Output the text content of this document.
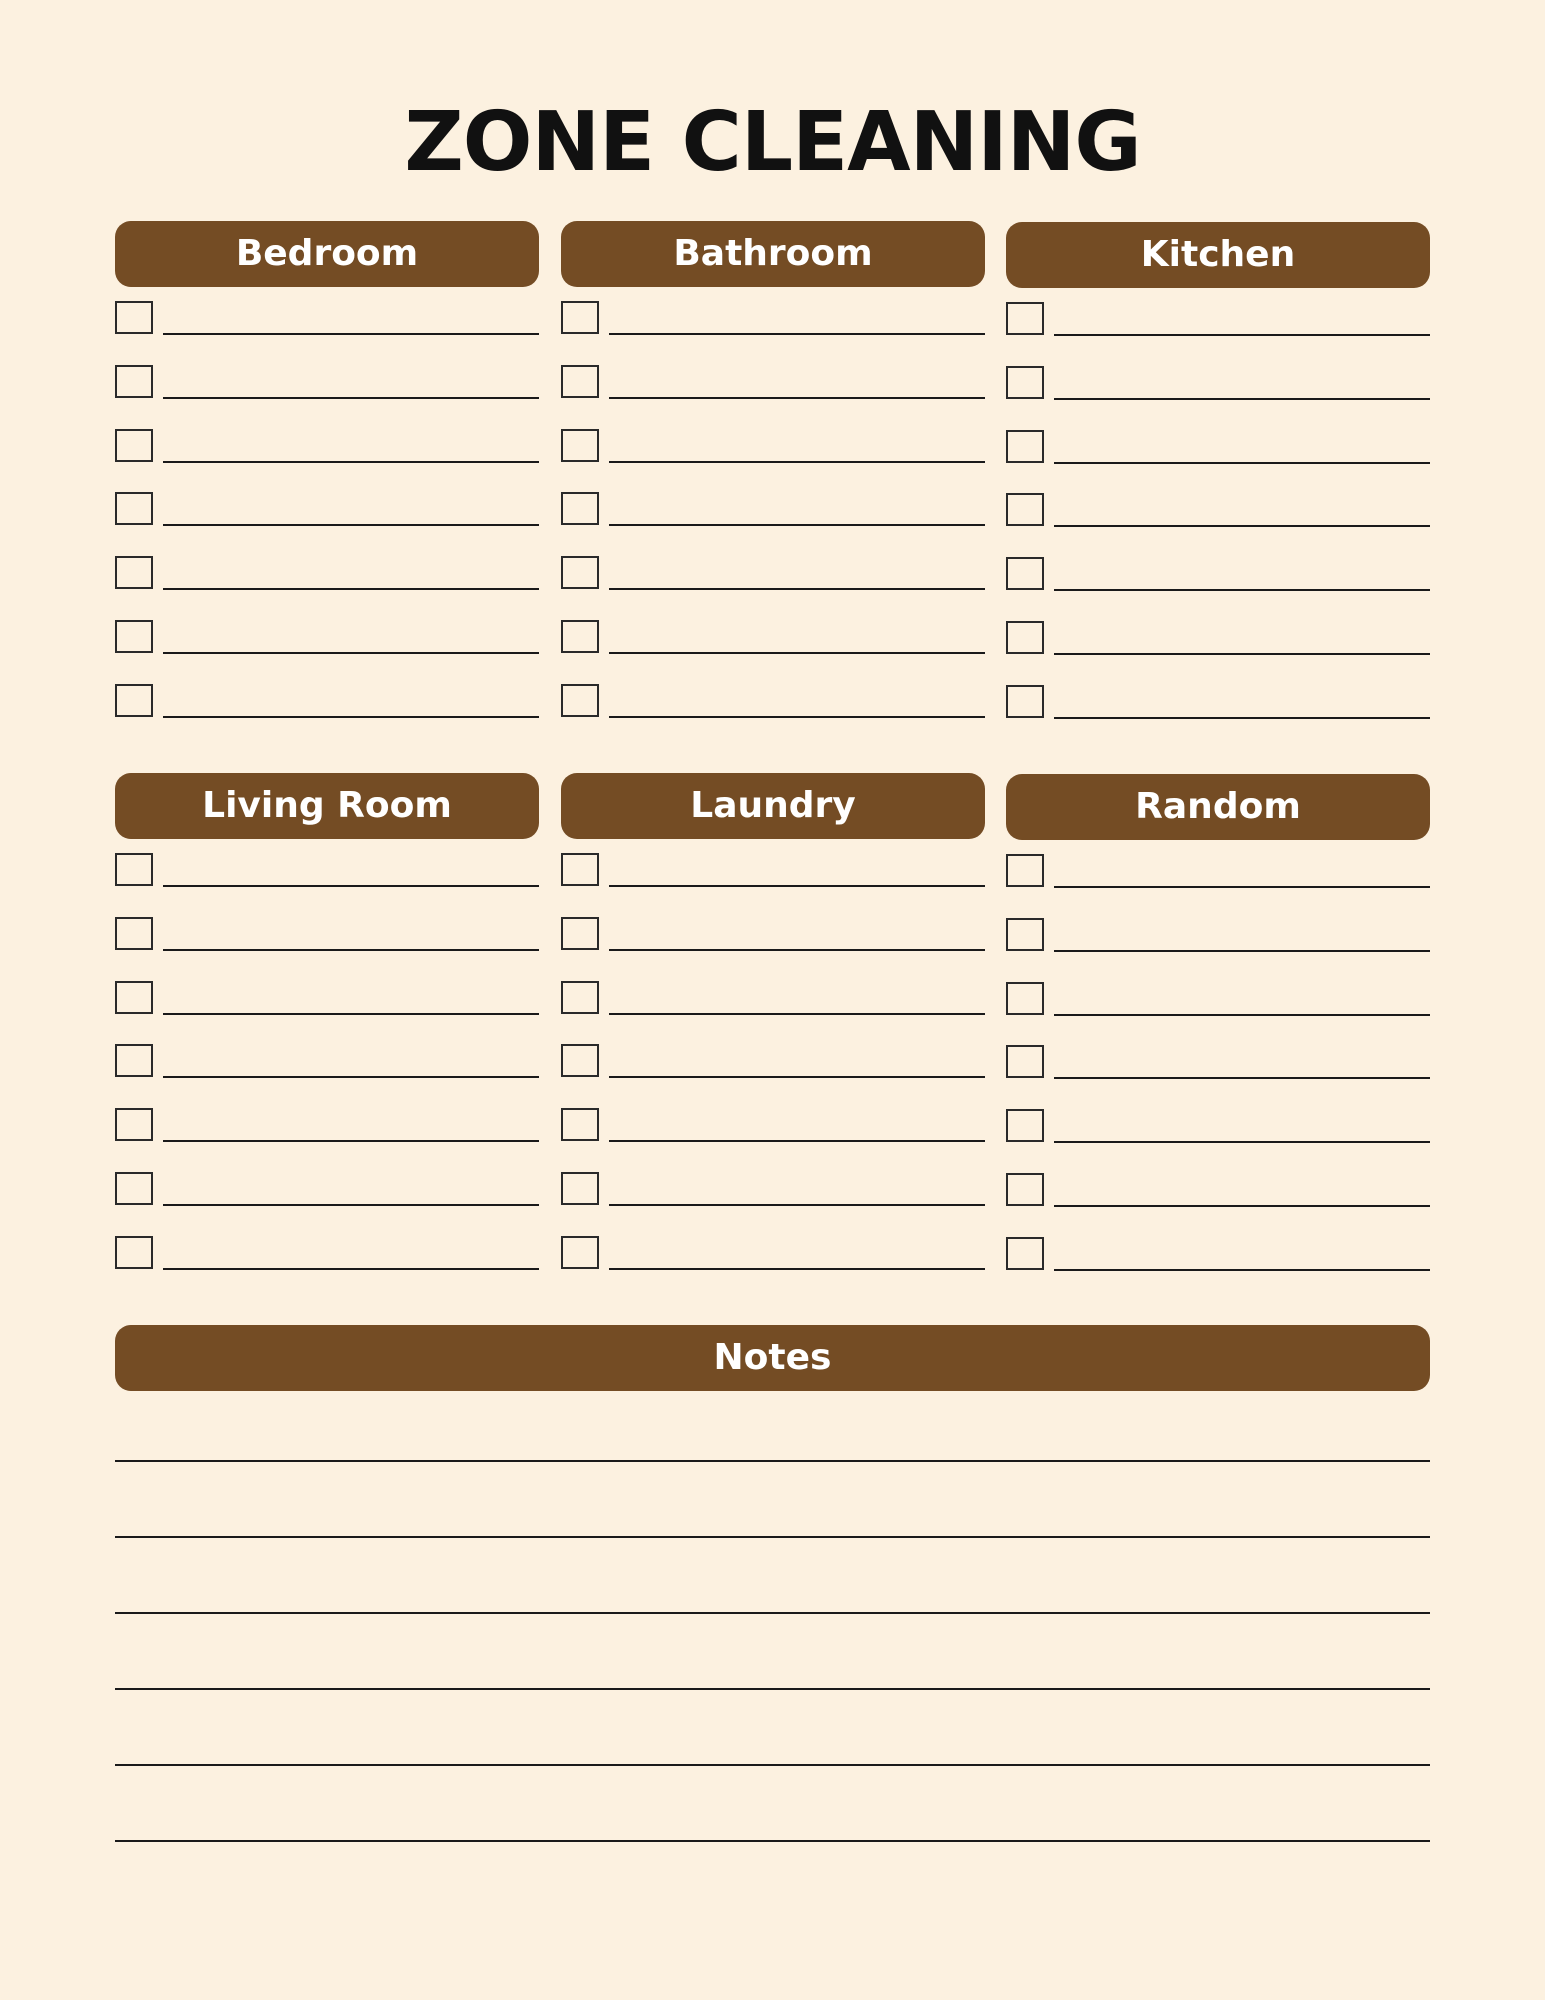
ZONE CLEANING
Bedroom	Bathroom	Kitchen
Living Room	Laundry	Random
Notes
